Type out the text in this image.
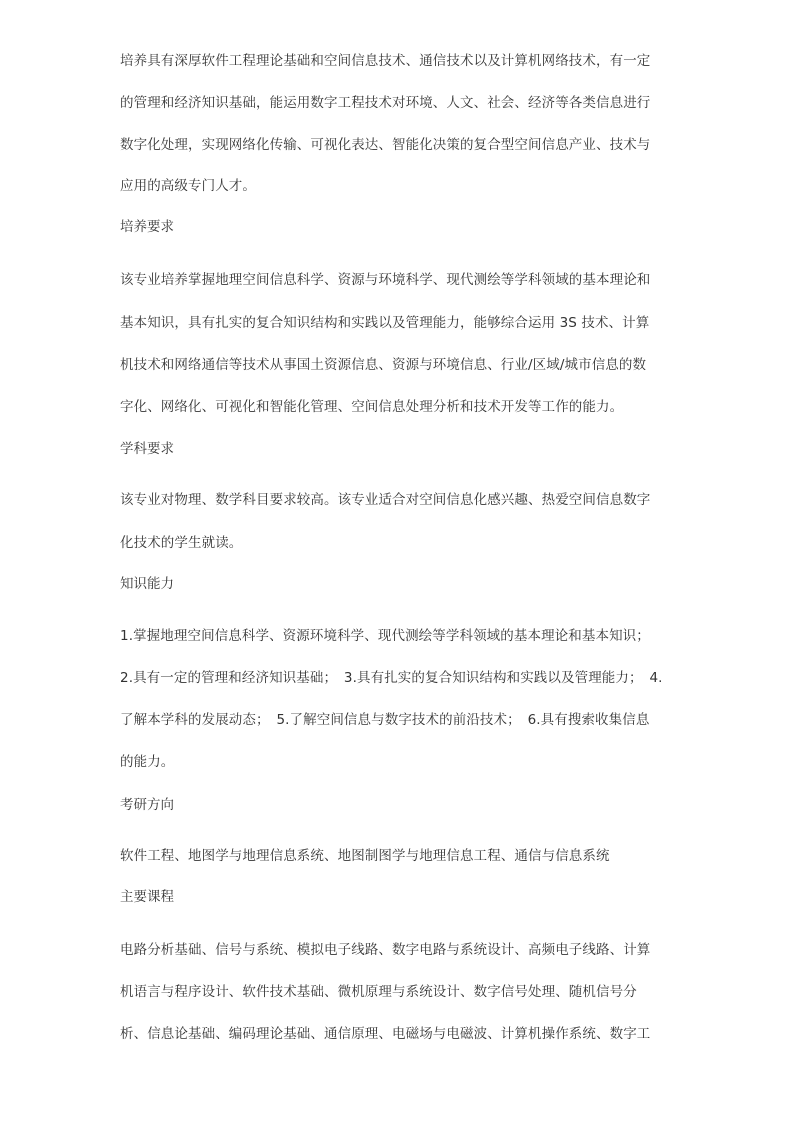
培养具有深厚软件工程理论基础和空间信息技术、通信技术以及计算机网络技术，有一定
的管理和经济知识基础，能运用数字工程技术对环境、人文、社会、经济等各类信息进行
数字化处理，实现网络化传输、可视化表达、智能化决策的复合型空间信息产业、技术与
应用的高级专门人才。
培养要求
该专业培养掌握地理空间信息科学、资源与环境科学、现代测绘等学科领域的基本理论和
基本知识，具有扎实的复合知识结构和实践以及管理能力，能够综合运用 3S 技术、计算
机技术和网络通信等技术从事国土资源信息、资源与环境信息、行业/区域/城市信息的数
字化、网络化、可视化和智能化管理、空间信息处理分析和技术开发等工作的能力。
学科要求
该专业对物理、数学科目要求较高。该专业适合对空间信息化感兴趣、热爱空间信息数字
化技术的学生就读。
知识能力
1.掌握地理空间信息科学、资源环境科学、现代测绘等学科领域的基本理论和基本知识；
2.具有一定的管理和经济知识基础；　3.具有扎实的复合知识结构和实践以及管理能力；　4.
了解本学科的发展动态；　5.了解空间信息与数字技术的前沿技术；　6.具有搜索收集信息
的能力。
考研方向
软件工程、地图学与地理信息系统、地图制图学与地理信息工程、通信与信息系统
主要课程
电路分析基础、信号与系统、模拟电子线路、数字电路与系统设计、高频电子线路、计算
机语言与程序设计、软件技术基础、微机原理与系统设计、数字信号处理、随机信号分
析、信息论基础、编码理论基础、通信原理、电磁场与电磁波、计算机操作系统、数字工
